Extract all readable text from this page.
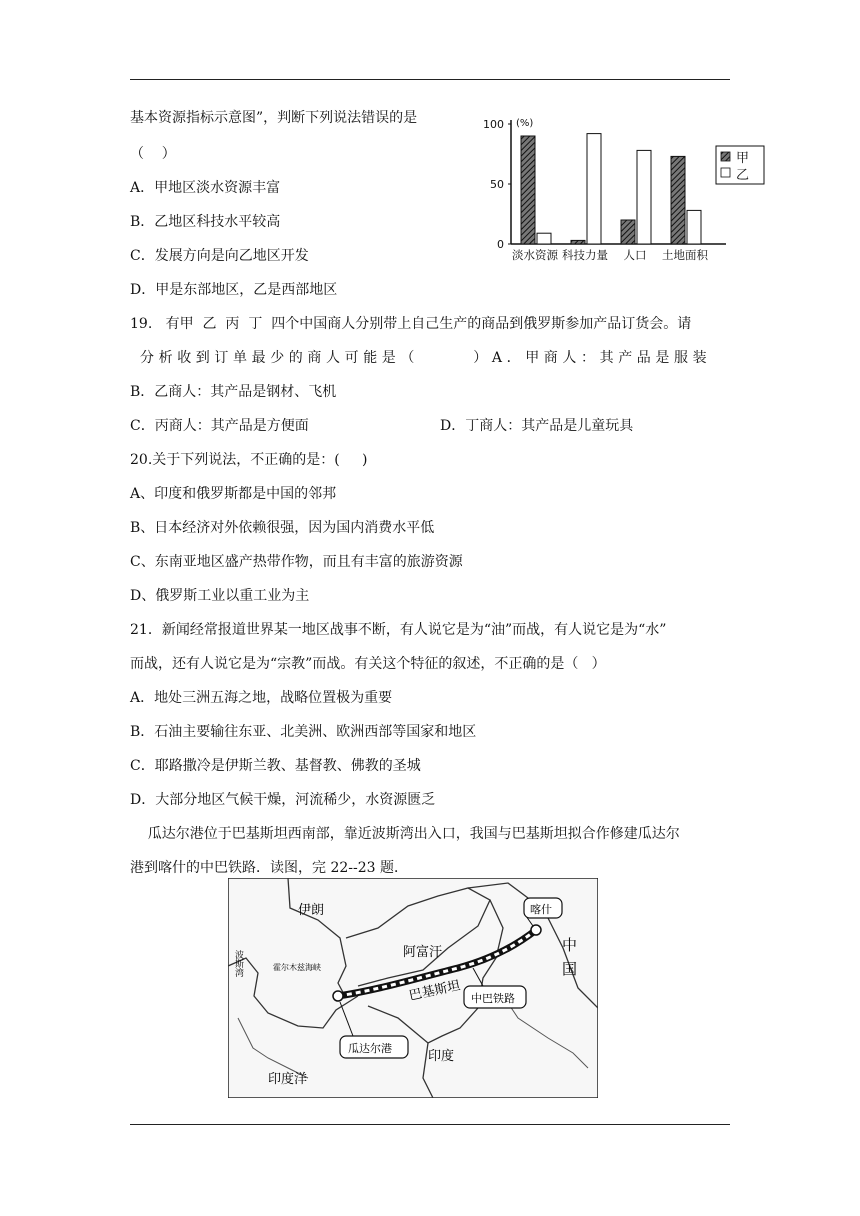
基本资源指标示意图”，判断下列说法错误的是
（    ）
A．甲地区淡水资源丰富
B．乙地区科技水平较高
C．发展方向是向乙地区开发
D．甲是东部地区，乙是西部地区
(%)
0
50
100
淡水资源 科技力量 人口 土地面积
甲
乙
19.   有甲  乙  丙  丁  四个中国商人分别带上自己生产的商品到俄罗斯参加产品订货会。请
分析收到订单最少的商人可能是（      ）A．甲商人：其产品是服装
B．乙商人：其产品是钢材、飞机
C．丙商人：其产品是方便面	D．丁商人：其产品是儿童玩具
20.关于下列说法，不正确的是：(     )
A、印度和俄罗斯都是中国的邻邦
B、日本经济对外依赖很强，因为国内消费水平低
C、东南亚地区盛产热带作物，而且有丰富的旅游资源
D、俄罗斯工业以重工业为主
21．新闻经常报道世界某一地区战事不断，有人说它是为“油”而战，有人说它是为“水”
而战，还有人说它是为“宗教”而战。有关这个特征的叙述，不正确的是（   ）
A．地处三洲五海之地，战略位置极为重要
B．石油主要输往东亚、北美洲、欧洲西部等国家和地区
C．耶路撒冷是伊斯兰教、基督教、佛教的圣城
D．大部分地区气候干燥，河流稀少，水资源匮乏
瓜达尔港位于巴基斯坦西南部，靠近波斯湾出入口，我国与巴基斯坦拟合作修建瓜达尔
港到喀什的中巴铁路．读图，完 22--23 题．
喀什
瓜达尔港
中巴铁路
伊朗
阿富汗
巴基斯坦
印度
印度洋
霍尔木兹海峡
中
国
波斯湾
